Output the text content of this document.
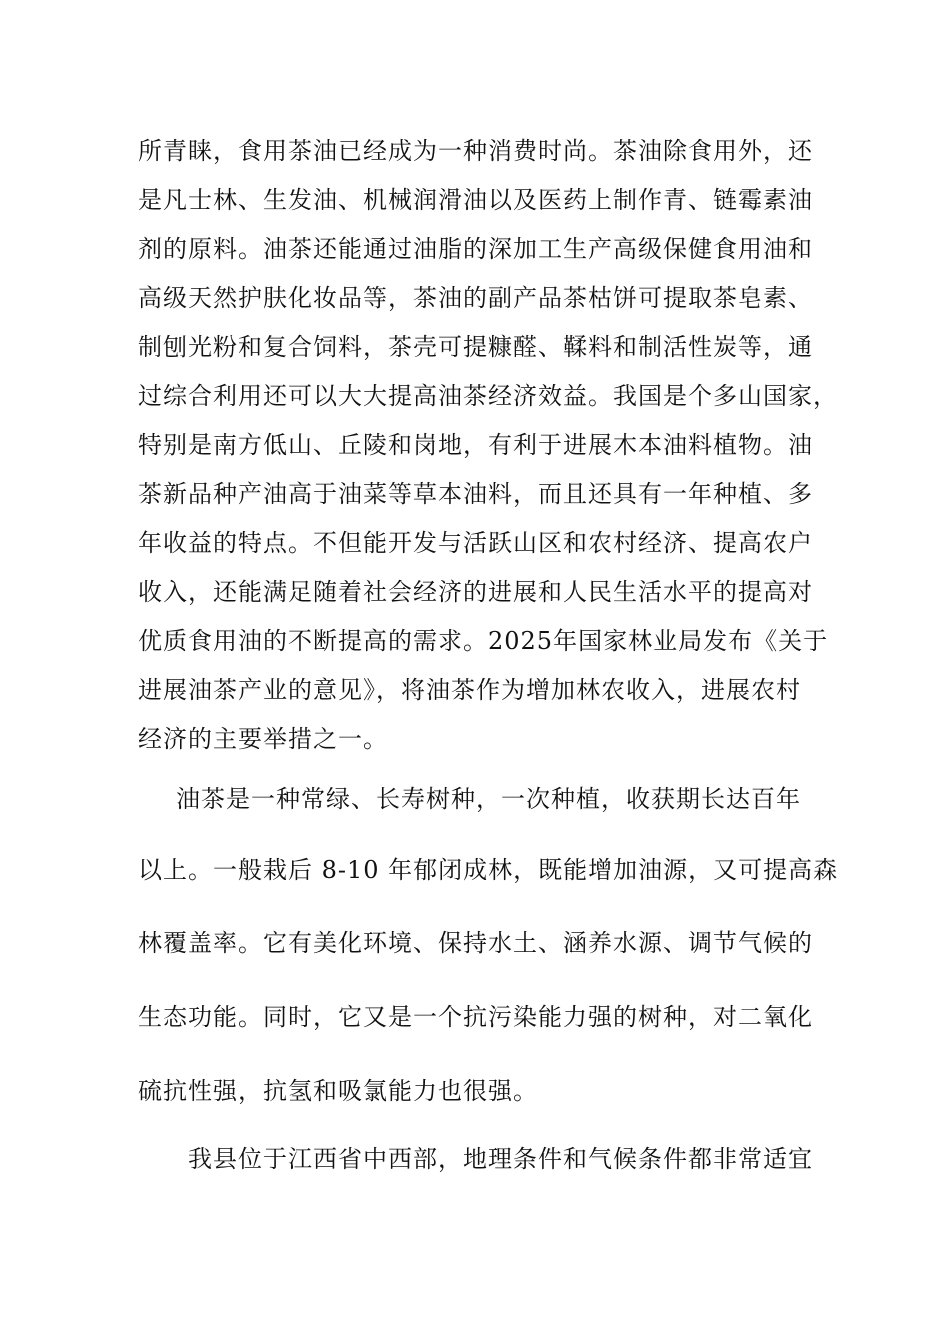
所青睐，食用茶油已经成为一种消费时尚。茶油除食用外，还
是凡士林、生发油、机械润滑油以及医药上制作青、链霉素油
剂的原料。油茶还能通过油脂的深加工生产高级保健食用油和
高级天然护肤化妆品等，茶油的副产品茶枯饼可提取茶皂素、
制刨光粉和复合饲料，茶壳可提糠醛、鞣料和制活性炭等，通
过综合利用还可以大大提高油茶经济效益。我国是个多山国家，
特别是南方低山、丘陵和岗地，有利于进展木本油料植物。油
茶新品种产油高于油菜等草本油料，而且还具有一年种植、多
年收益的特点。不但能开发与活跃山区和农村经济、提高农户
收入，还能满足随着社会经济的进展和人民生活水平的提高对
优质食用油的不断提高的需求。2025年国家林业局发布《关于
进展油茶产业的意见》，将油茶作为增加林农收入，进展农村
经济的主要举措之一。
油茶是一种常绿、长寿树种，一次种植，收获期长达百年
以上。一般栽后 8-10 年郁闭成林，既能增加油源，又可提高森
林覆盖率。它有美化环境、保持水土、涵养水源、调节气候的
生态功能。同时，它又是一个抗污染能力强的树种，对二氧化
硫抗性强，抗氢和吸氯能力也很强。
我县位于江西省中西部，地理条件和气候条件都非常适宜
